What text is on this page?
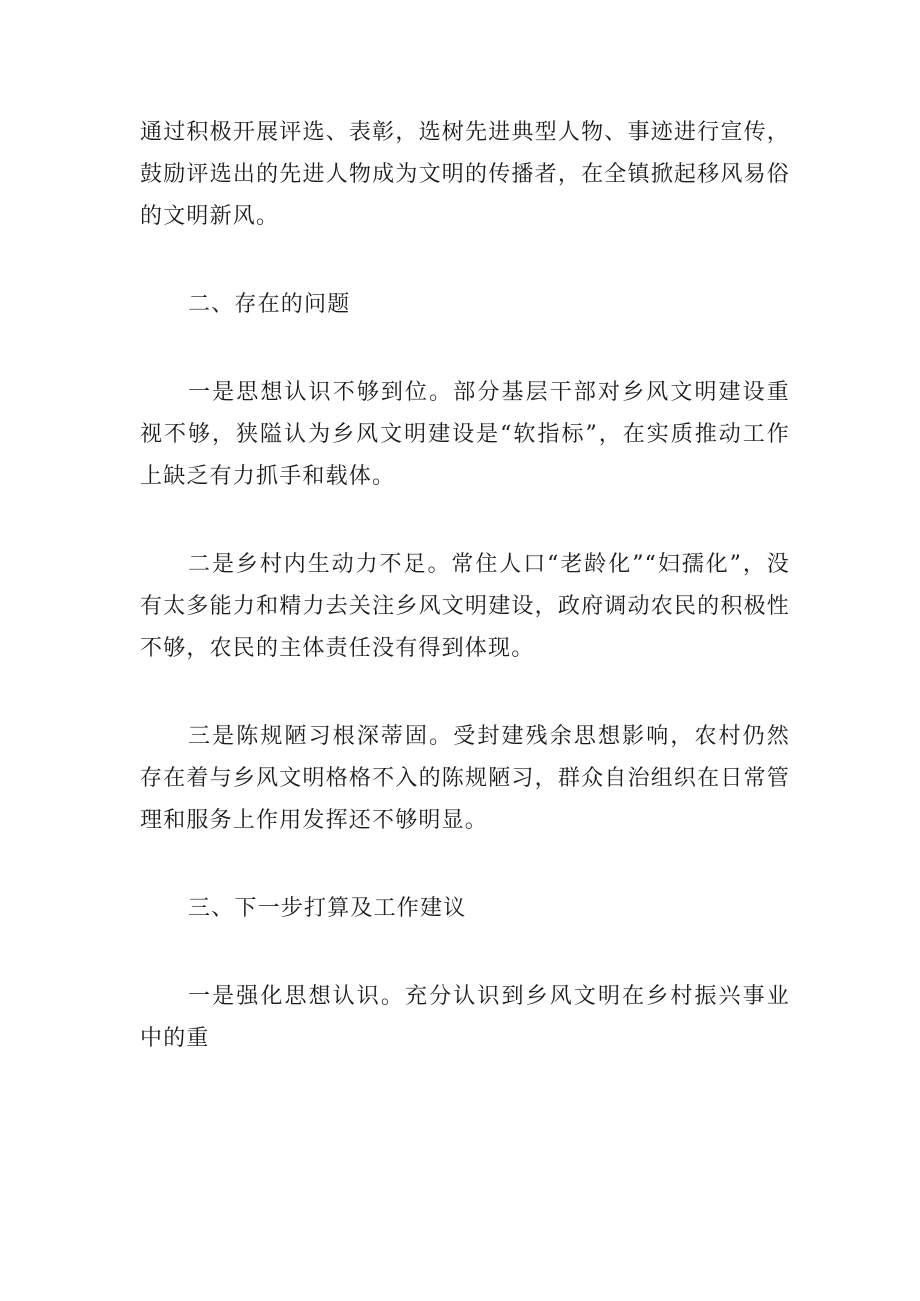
通过积极开展评选、表彰，选树先进典型人物、事迹进行宣传，鼓励评选出的先进人物成为文明的传播者，在全镇掀起移风易俗的文明新风。

二、存在的问题

一是思想认识不够到位。部分基层干部对乡风文明建设重视不够，狭隘认为乡风文明建设是“软指标”，在实质推动工作上缺乏有力抓手和载体。

二是乡村内生动力不足。常住人口“老龄化”“妇孺化”，没有太多能力和精力去关注乡风文明建设，政府调动农民的积极性不够，农民的主体责任没有得到体现。

三是陈规陋习根深蒂固。受封建残余思想影响，农村仍然存在着与乡风文明格格不入的陈规陋习，群众自治组织在日常管理和服务上作用发挥还不够明显。

三、下一步打算及工作建议

一是强化思想认识。充分认识到乡风文明在乡村振兴事业中的重
